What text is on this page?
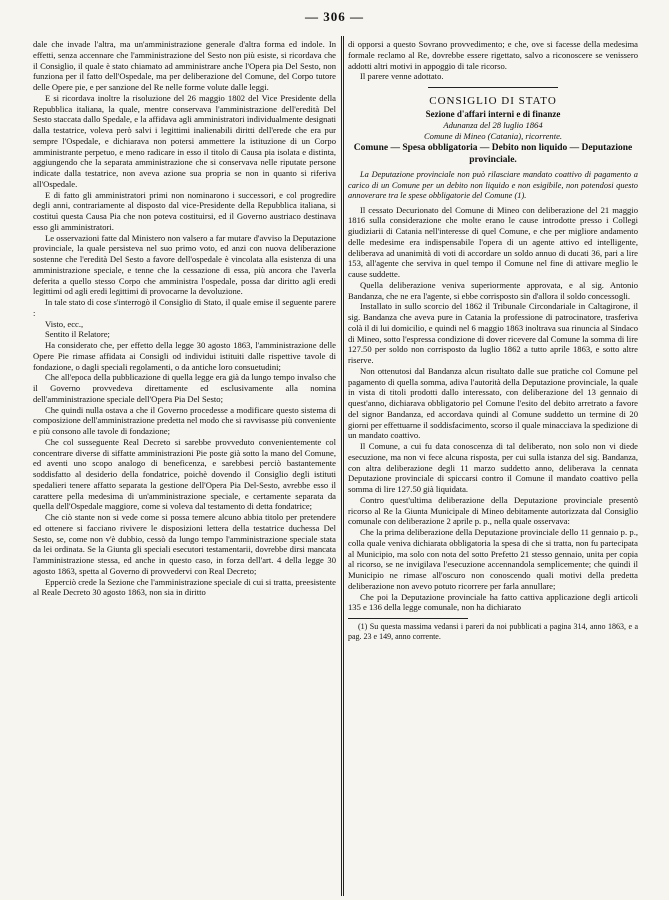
— 306 —

dale che invade l'altra, ma un'amministrazione generale d'altra forma ed indole. In effetti, senza accennare che l'amministrazione del Sesto non più esiste, si ricordava che il Consiglio, il quale è stato chiamato ad amministrare anche l'Opera pia Del Sesto, non funziona per il fatto dell'Ospedale, ma per deliberazione del Comune, del Corpo tutore delle Opere pie, e per sanzione del Re nelle forme volute dalle leggi.

E si ricordava inoltre la risoluzione del 26 maggio 1802 del Vice Presidente della Repubblica italiana, la quale, mentre conservava l'amministrazione dell'eredità Del Sesto staccata dallo Spedale, e la affidava agli amministratori individualmente designati dalla testatrice, voleva però salvi i legittimi inalienabili diritti dell'erede che era pur sempre l'Ospedale, e dichiarava non potersi ammettere la istituzione di un Corpo amministrante perpetuo, e meno radicare in esso il titolo di Causa pia isolata e distinta, aggiungendo che la separata amministrazione che si conservava nelle riputate persone indicate dalla testatrice, non aveva azione sua propria se non in quanto si riferiva all'Ospedale.

E di fatto gli amministratori primi non nominarono i successori, e col progredire degli anni, contrariamente al disposto dal vice-Presidente della Repubblica italiana, si costituì questa Causa Pia che non poteva costituirsi, ed il Governo austriaco destinava esso gli amministratori.

Le osservazioni fatte dal Ministero non valsero a far mutare d'avviso la Deputazione provinciale, la quale persisteva nel suo primo voto, ed anzi con nuova deliberazione sostenne che l'eredità Del Sesto a favore dell'ospedale è vincolata alla esistenza di una amministrazione speciale, e tenne che la cessazione di essa, più ancora che l'averla deferita a quello stesso Corpo che amministra l'ospedale, possa dar diritto agli eredi legittimi od agli eredi legittimi di provocarne la devoluzione.

In tale stato di cose s'interrogò il Consiglio di Stato, il quale emise il seguente parere :

Visto, ecc.,

Sentito il Relatore;

Ha considerato che, per effetto della legge 30 agosto 1863, l'amministrazione delle Opere Pie rimase affidata ai Consigli od individui istituiti dalle rispettive tavole di fondazione, o dagli speciali regolamenti, o da antiche loro consuetudini;

Che all'epoca della pubblicazione di quella legge era già da lungo tempo invalso che il Governo provvedeva direttamente ed esclusivamente alla nomina dell'amministrazione speciale dell'Opera Pia Del Sesto;

Che quindi nulla ostava a che il Governo procedesse a modificare questo sistema di composizione dell'amministrazione predetta nel modo che si ravvisasse più conveniente e più consono alle tavole di fondazione;

Che col susseguente Real Decreto si sarebbe provveduto convenientemente col concentrare diverse di siffatte amministrazioni Pie poste già sotto la mano del Comune, ed aventi uno scopo analogo di beneficenza, e sarebbesi perciò bastantemente soddisfatto al desiderio della fondatrice, poichè dovendo il Consiglio degli istituti spedalieri tenere affatto separata la gestione dell'Opera Pia Del-Sesto, avrebbe esso il carattere pella medesima di un'amministrazione speciale, e certamente separata da quella dell'Ospedale maggiore, come si voleva dal testamento di detta fondatrice;

Che ciò stante non si vede come si possa temere alcuno abbia titolo per pretendere ed ottenere si facciano rivivere le disposizioni lettera della testatrice duchessa Del Sesto, se, come non v'è dubbio, cessò da lungo tempo l'amministrazione speciale stata da lei ordinata. Se la Giunta gli speciali esecutori testamentarii, dovrebbe dirsi mancata l'amministrazione stessa, ed anche in questo caso, in forza dell'art. 4 della legge 30 agosto 1863, spetta al Governo di provvedervi con Real Decreto;

Epperciò crede la Sezione che l'amministrazione speciale di cui si tratta, preesistente al Reale Decreto 30 agosto 1863, non sia in diritto

di opporsi a questo Sovrano provvedimento; e che, ove si facesse della medesima formale reclamo al Re, dovrebbe essere rigettato, salvo a riconoscere se venissero addotti altri motivi in appoggio di tale ricorso.

Il parere venne adottato.

CONSIGLIO DI STATO

Sezione d'affari interni e di finanze

Adunanza del 28 luglio 1864

Comune di Mineo (Catania), ricorrente.

Comune — Spesa obbligatoria — Debito non liquido — Deputazione provinciale.

La Deputazione provinciale non può rilasciare mandato coattivo di pagamento a carico di un Comune per un debito non liquido e non esigibile, non potendosi questo annoverare tra le spese obbligatorie del Comune (1).

Il cessato Decurionato del Comune di Mineo con deliberazione del 21 maggio 1816 sulla considerazione che molte erano le cause introdotte presso i Collegi giudiziarii di Catania nell'interesse di quel Comune, e che per migliore andamento delle medesime era indispensabile l'opera di un agente attivo ed intelligente, deliberava ad unanimità di voti di accordare un soldo annuo di ducati 36, pari a lire 153, all'agente che serviva in quel tempo il Comune nel fine di attivare meglio le cause suddette.

Quella deliberazione veniva superiormente approvata, e al sig. Antonio Bandanza, che ne era l'agente, si ebbe corrisposto sin d'allora il soldo concessogli.

Installato in sullo scorcio del 1862 il Tribunale Circondariale in Caltagirone, il sig. Bandanza che aveva pure in Catania la professione di patrocinatore, trasferiva colà il di lui domicilio, e quindi nel 6 maggio 1863 inoltrava sua rinuncia al Sindaco di Mineo, sotto l'espressa condizione di dover ricevere dal Comune la somma di lire 127.50 per soldo non corrisposto da luglio 1862 a tutto aprile 1863, e sotto altre riserve.

Non ottenutosi dal Bandanza alcun risultato dalle sue pratiche col Comune pel pagamento di quella somma, adiva l'autorità della Deputazione provinciale, la quale in vista di titoli prodotti dallo interessato, con deliberazione del 13 gennaio di quest'anno, dichiarava obbligatorio pel Comune l'esito del debito arretrato a favore del signor Bandanza, ed accordava quindi al Comune suddetto un termine di 20 giorni per effettuarne il soddisfacimento, scorso il quale minacciava la spedizione di un mandato coattivo.

Il Comune, a cui fu data conoscenza di tal deliberato, non solo non vi diede esecuzione, ma non vi fece alcuna risposta, per cui sulla istanza del sig. Bandanza, con altra deliberazione degli 11 marzo suddetto anno, deliberava la cennata Deputazione provinciale di spiccarsi contro il Comune il mandato coattivo pella somma di lire 127.50 già liquidata.

Contro quest'ultima deliberazione della Deputazione provinciale presentò ricorso al Re la Giunta Municipale di Mineo debitamente autorizzata dal Consiglio comunale con deliberazione 2 aprile p. p., nella quale osservava:

Che la prima deliberazione della Deputazione provinciale dello 11 gennaio p. p., colla quale veniva dichiarata obbligatoria la spesa di che si tratta, non fu partecipata al Municipio, ma solo con nota del sotto Prefetto 21 stesso gennaio, unita per copia al ricorso, se ne invigilava l'esecuzione accennandola semplicemente; che quindi il Municipio ne rimase all'oscuro non conoscendo quali motivi della predetta deliberazione non avevo potuto ricorrere per farla annullare;

Che poi la Deputazione provinciale ha fatto cattiva applicazione degli articoli 135 e 136 della legge comunale, non ha dichiarato

(1) Su questa massima vedansi i pareri da noi pubblicati a pagina 314, anno 1863, e a pag. 23 e 149, anno corrente.
